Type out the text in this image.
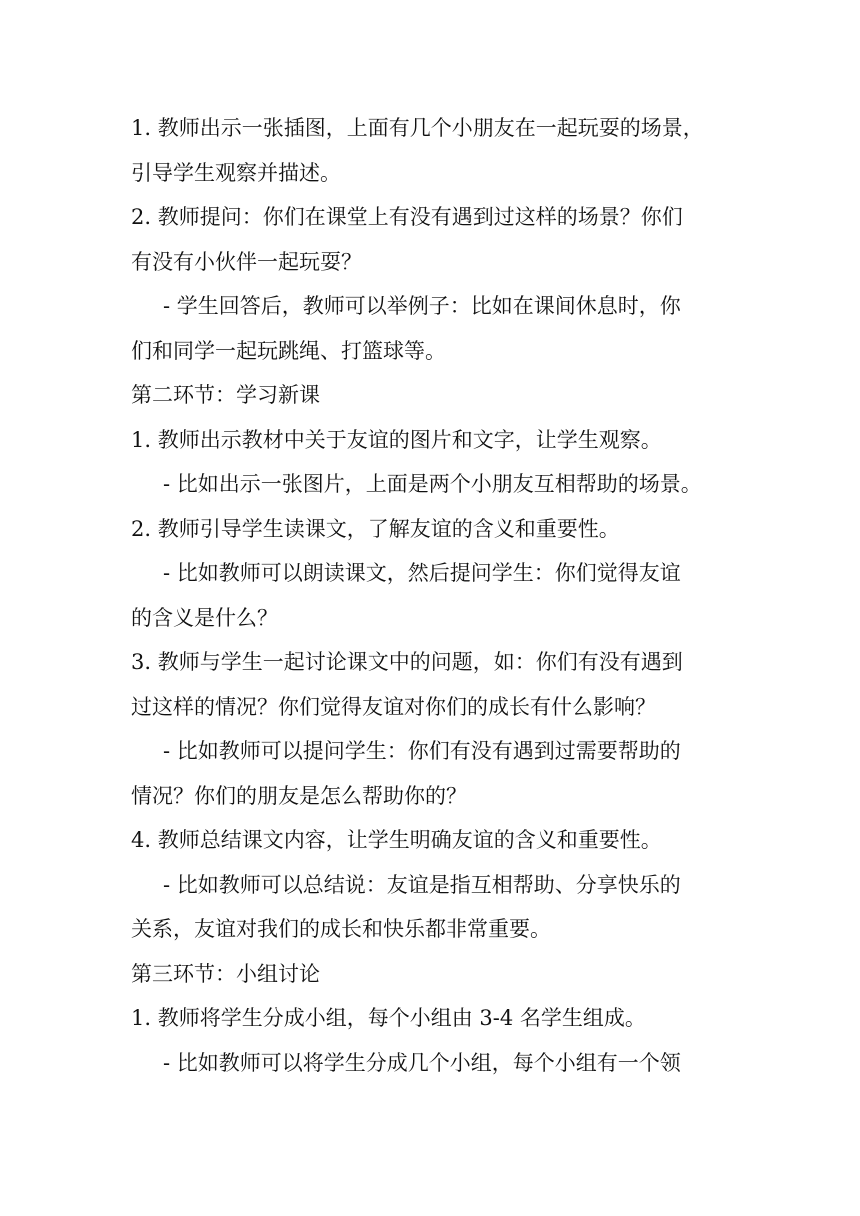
1. 教师出示一张插图，上面有几个小朋友在一起玩耍的场景，
引导学生观察并描述。
2. 教师提问：你们在课堂上有没有遇到过这样的场景？你们
有没有小伙伴一起玩耍？
- 学生回答后，教师可以举例子：比如在课间休息时，你
们和同学一起玩跳绳、打篮球等。
第二环节：学习新课
1. 教师出示教材中关于友谊的图片和文字，让学生观察。
- 比如出示一张图片，上面是两个小朋友互相帮助的场景。
2. 教师引导学生读课文，了解友谊的含义和重要性。
- 比如教师可以朗读课文，然后提问学生：你们觉得友谊
的含义是什么？
3. 教师与学生一起讨论课文中的问题，如：你们有没有遇到
过这样的情况？你们觉得友谊对你们的成长有什么影响？
- 比如教师可以提问学生：你们有没有遇到过需要帮助的
情况？你们的朋友是怎么帮助你的？
4. 教师总结课文内容，让学生明确友谊的含义和重要性。
- 比如教师可以总结说：友谊是指互相帮助、分享快乐的
关系，友谊对我们的成长和快乐都非常重要。
第三环节：小组讨论
1. 教师将学生分成小组，每个小组由 3-4 名学生组成。
- 比如教师可以将学生分成几个小组，每个小组有一个领
